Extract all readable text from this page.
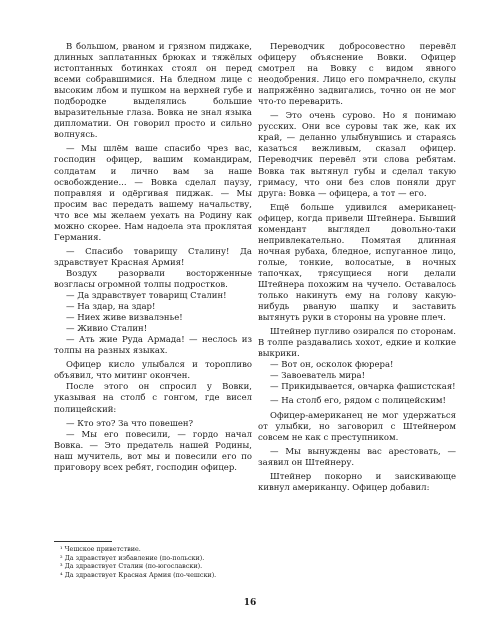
В большом, рваном и грязном пиджаке, длинных заплатанных брюках и тяжёлых истоптанных ботинках стоял он перед всеми собравшимися. На бледном лице с высоким лбом и пушком на верхней губе и подбородке выделялись большие выразительные глаза. Вовка не знал языка дипломатии. Он говорил просто и сильно волнуясь.

— Мы шлём ваше спасибо чрез вас, господин офицер, вашим командирам, солдатам и лично вам за наше освобождение... — Вовка сделал паузу, поправляя и одёргивая пиджак. — Мы просим вас передать вашему начальству, что все мы желаем уехать на Родину как можно скорее. Нам надоела эта проклятая Германия.

— Спасибо товарищу Сталину! Да здравствует Красная Армия!

Воздух разорвали восторженные возгласы огромной толпы подростков.

— Да здравствует товарищ Сталин!

— На здар, на здар!

— Ниех живе визвалэнье!

— Живио Сталин!

— Ать жие Руда Армада! — неслось из толпы на разных языках.

Офицер кисло улыбался и торопливо объявил, что митинг окончен.

После этого он спросил у Вовки, указывая на столб с гонгом, где висел полицейский:

— Кто это? За что повешен?

— Мы его повесили, — гордо начал Вовка. — Это предатель нашей Родины, наш мучитель, вот мы и повесили его по приговору всех ребят, господин офицер.

Переводчик добросовестно перевёл офицеру объяснение Вовки. Офицер смотрел на Вовку с видом явного неодобрения. Лицо его помрачнело, скулы напряжённо задвигались, точно он не мог что-то переварить.

— Это очень сурово. Но я понимаю русских. Они все суровы так же, как их край, — деланно улыбнувшись и стараясь казаться вежливым, сказал офицер. Переводчик перевёл эти слова ребятам. Вовка так вытянул губы и сделал такую гримасу, что они без слов поняли друг друга: Вовка — офицера, а тот — его.

Ещё больше удивился американец-офицер, когда привели Штейнера. Бывший комендант выглядел довольно-таки непривлекательно. Помятая длинная ночная рубаха, бледное, испуганное лицо, голые, тонкие, волосатые, в ночных тапочках, трясущиеся ноги делали Штейнера похожим на чучело. Оставалось только накинуть ему на голову какую-нибудь рваную шапку и заставить вытянуть руки в стороны на уровне плеч.

Штейнер пугливо озирался по сторонам. В толпе раздавались хохот, едкие и колкие выкрики.

— Вот он, осколок фюрера!

— Завоеватель мира!

— Прикидывается, овчарка фашистская!

— На столб его, рядом с полицейским!

Офицер-американец не мог удержаться от улыбки, но заговорил с Штейнером совсем не как с преступником.

— Мы вынуждены вас арестовать, — заявил он Штейнеру.

Штейнер покорно и заискивающе кивнул американцу. Офицер добавил:

¹ Чешское приветствие.
² Да здравствует избавление (по-польски).
³ Да здравствует Сталин (по-югославски).
⁴ Да здравствует Красная Армия (по-чешски).
16
